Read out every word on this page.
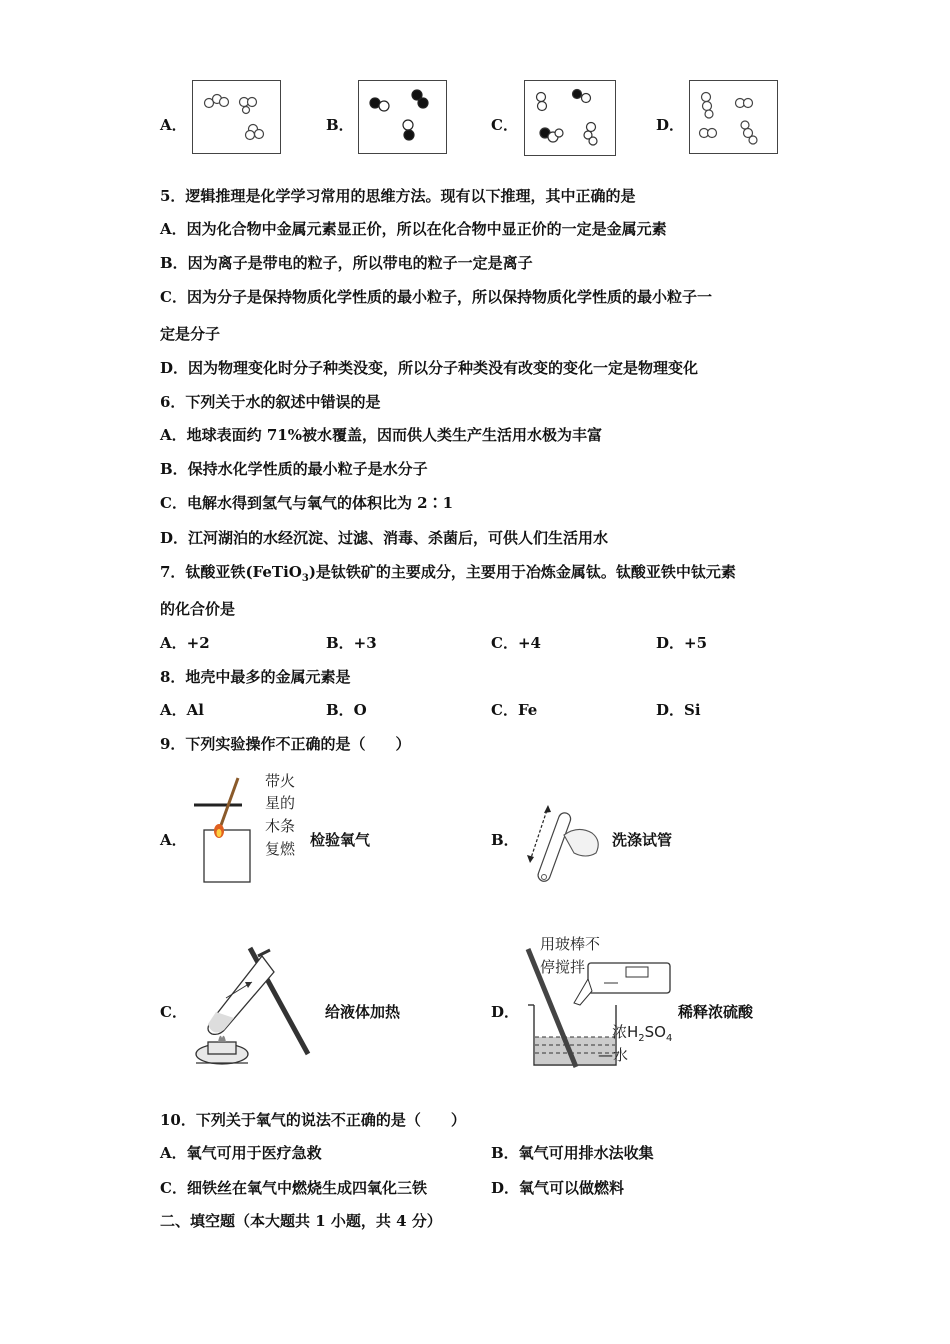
A．	B．	C．	D．
5．逻辑推理是化学学习常用的思维方法。现有以下推理，其中正确的是
A．因为化合物中金属元素显正价，所以在化合物中显正价的一定是金属元素
B．因为离子是带电的粒子，所以带电的粒子一定是离子
C．因为分子是保持物质化学性质的最小粒子，所以保持物质化学性质的最小粒子一
定是分子
D．因为物理变化时分子种类没变，所以分子种类没有改变的变化一定是物理变化
6．下列关于水的叙述中错误的是
A．地球表面约 71%被水覆盖，因而供人类生产生活用水极为丰富
B．保持水化学性质的最小粒子是水分子
C．电解水得到氢气与氧气的体积比为 2∶1
D．江河湖泊的水经沉淀、过滤、消毒、杀菌后，可供人们生活用水
7．钛酸亚铁(FeTiO$_3$)是钛铁矿的主要成分，主要用于冶炼金属钛。钛酸亚铁中钛元素
的化合价是
A．+2	B．+3	C．+4	D．+5
8．地壳中最多的金属元素是
A．Al	B．O	C．Fe	D．Si
9．下列实验操作不正确的是（　　）
A．
带火
星的
木条
复燃 检验氧气	B．	洗涤试管
C．	给液体加热	D．
用玻棒不
停搅拌
浓$H_2SO_4$
—水
稀释浓硫酸
10．下列关于氧气的说法不正确的是（　　）
A．氧气可用于医疗急救	B．氧气可用排水法收集
C．细铁丝在氧气中燃烧生成四氧化三铁	D．氧气可以做燃料
二、填空题（本大题共 1 小题，共 4 分）
